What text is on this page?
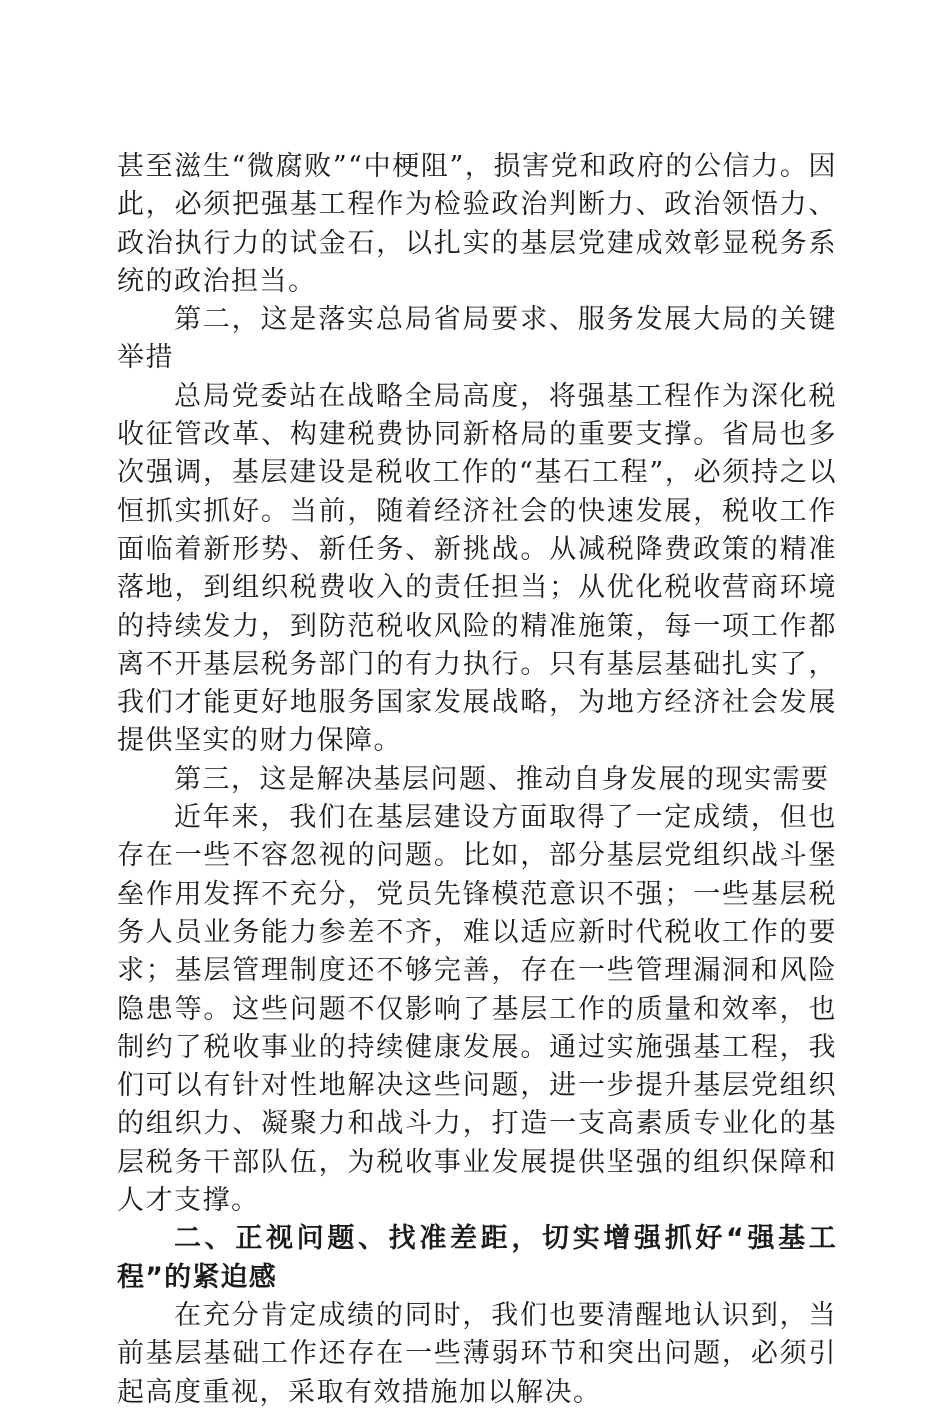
甚至滋生“微腐败”“中梗阻”，损害党和政府的公信力。因此，必须把强基工程作为检验政治判断力、政治领悟力、政治执行力的试金石，以扎实的基层党建成效彰显税务系统的政治担当。

第二，这是落实总局省局要求、服务发展大局的关键举措

总局党委站在战略全局高度，将强基工程作为深化税收征管改革、构建税费协同新格局的重要支撑。省局也多次强调，基层建设是税收工作的“基石工程”，必须持之以恒抓实抓好。当前，随着经济社会的快速发展，税收工作面临着新形势、新任务、新挑战。从减税降费政策的精准落地，到组织税费收入的责任担当；从优化税收营商环境的持续发力，到防范税收风险的精准施策，每一项工作都离不开基层税务部门的有力执行。只有基层基础扎实了，我们才能更好地服务国家发展战略，为地方经济社会发展提供坚实的财力保障。

第三，这是解决基层问题、推动自身发展的现实需要

近年来，我们在基层建设方面取得了一定成绩，但也存在一些不容忽视的问题。比如，部分基层党组织战斗堡垒作用发挥不充分，党员先锋模范意识不强；一些基层税务人员业务能力参差不齐，难以适应新时代税收工作的要求；基层管理制度还不够完善，存在一些管理漏洞和风险隐患等。这些问题不仅影响了基层工作的质量和效率，也制约了税收事业的持续健康发展。通过实施强基工程，我们可以有针对性地解决这些问题，进一步提升基层党组织的组织力、凝聚力和战斗力，打造一支高素质专业化的基层税务干部队伍，为税收事业发展提供坚强的组织保障和人才支撑。

二、正视问题、找准差距，切实增强抓好“强基工程”的紧迫感

在充分肯定成绩的同时，我们也要清醒地认识到，当前基层基础工作还存在一些薄弱环节和突出问题，必须引起高度重视，采取有效措施加以解决。
